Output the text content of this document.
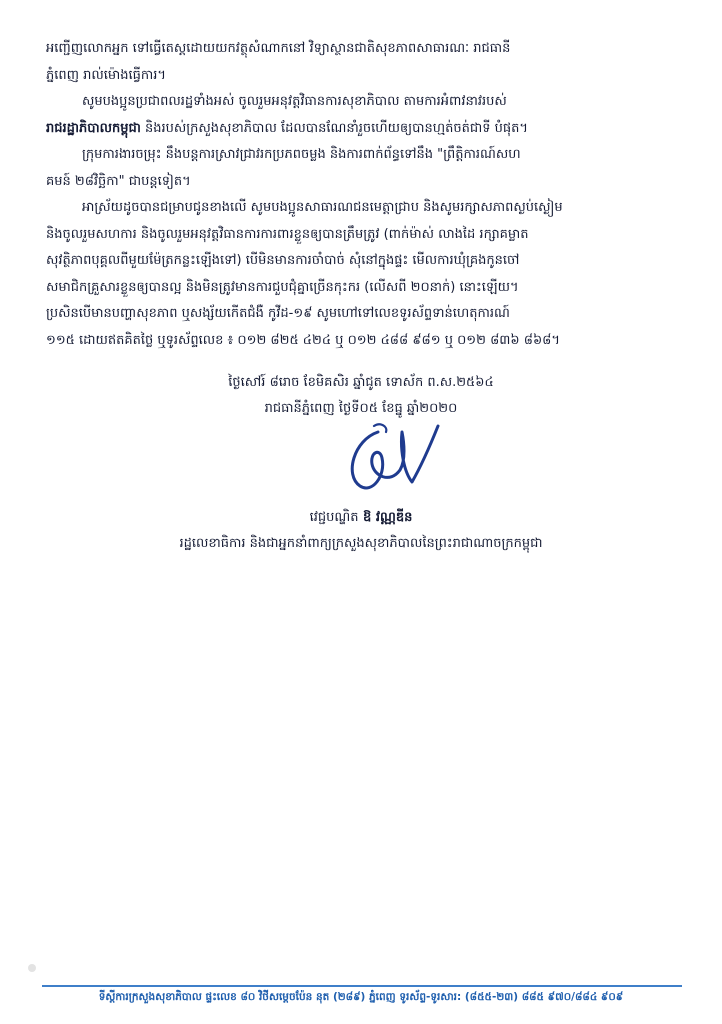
អញ្ជើញលោកអ្នក ទៅធ្វើតេស្តដោយយកវត្ថុសំណាកនៅ វិទ្យាស្ថានជាតិសុខភាពសាធារណៈ រាជធានី
ភ្នំពេញ រាល់ម៉ោងធ្វើការ។
សូមបងប្អូនប្រជាពលរដ្ឋទាំងអស់ ចូលរួមអនុវត្តវិធានការសុខាភិបាល តាមការអំពាវនាវរបស់
រាជរដ្ឋាភិបាលកម្ពុជា និងរបស់ក្រសួងសុខាភិបាល ដែលបានណែនាំរួចហើយឲ្យបានហ្មត់ចត់ជាទី បំផុត។
ក្រុមការងារចម្រុះ នឹងបន្តការស្រាវជ្រាវរកប្រភពចម្លង និងការពាក់ព័ន្ធទៅនឹង "ព្រឹត្តិការណ៍សហ
គមន៍ ២៨វិច្ឆិកា" ជាបន្តទៀត។
អាស្រ័យដូចបានជម្រាបជូនខាងលើ សូមបងប្អូនសាធារណជនមេត្តាជ្រាប និងសូមរក្សាសភាពស្ងប់ស្ងៀម
និងចូលរួមសហការ និងចូលរួមអនុវត្តវិធានការការពារខ្លួនឲ្យបានត្រឹមត្រូវ (ពាក់ម៉ាស់ លាងដៃ រក្សាគម្លាត
សុវត្ថិភាពបុគ្គលពីមួយម៉ែត្រកន្លះឡើងទៅ) បើមិនមានការចាំបាច់ សុំនៅក្នុងផ្ទះ មើលការឃុំគ្រងកូនចៅ
សមាជិកគ្រួសារខ្លួនឲ្យបានល្អ និងមិនត្រូវមានការជួបជុំគ្នាច្រើនកុះករ (លើសពី ២០នាក់) នោះឡើយ។
ប្រសិនបើមានបញ្ហាសុខភាព ឬសង្ស័យកើតជំងឺ កូវីដ-១៩ សូមហៅទៅលេខទូរស័ព្ទទាន់ហេតុការណ៍
១១៥ ដោយឥតគិតថ្លៃ ឬទូរស័ព្ទលេខ ៖ ០១២ ៨២៥ ៤២៤ ឬ ០១២ ៤៨៨ ៩៨១ ឬ ០១២ ៨៣៦ ៨៦៨។
ថ្ងៃសៅរ៍ ៨រោច ខែមិគសិរ ឆ្នាំជូត ទោស័ក ព.ស.២៥៦៤
រាជធានីភ្នំពេញ ថ្ងៃទី០៥ ខែធ្នូ ឆ្នាំ២០២០
វេជ្ជបណ្ឌិត ឱ វណ្ណឌីន
រដ្ឋលេខាធិការ និងជាអ្នកនាំពាក្យក្រសួងសុខាភិបាលនៃព្រះរាជាណាចក្រកម្ពុជា
ទីស្តីការក្រសួងសុខាភិបាល ផ្ទះលេខ ៨០ វិថីសម្តេចប៉ែន នុត (២៨៩) ភ្នំពេញ ទូរស័ព្ទ-ទូរសារ: (៨៥៥-២៣) ៨៨៥ ៩៧០/៨៨៤ ៩០៩
